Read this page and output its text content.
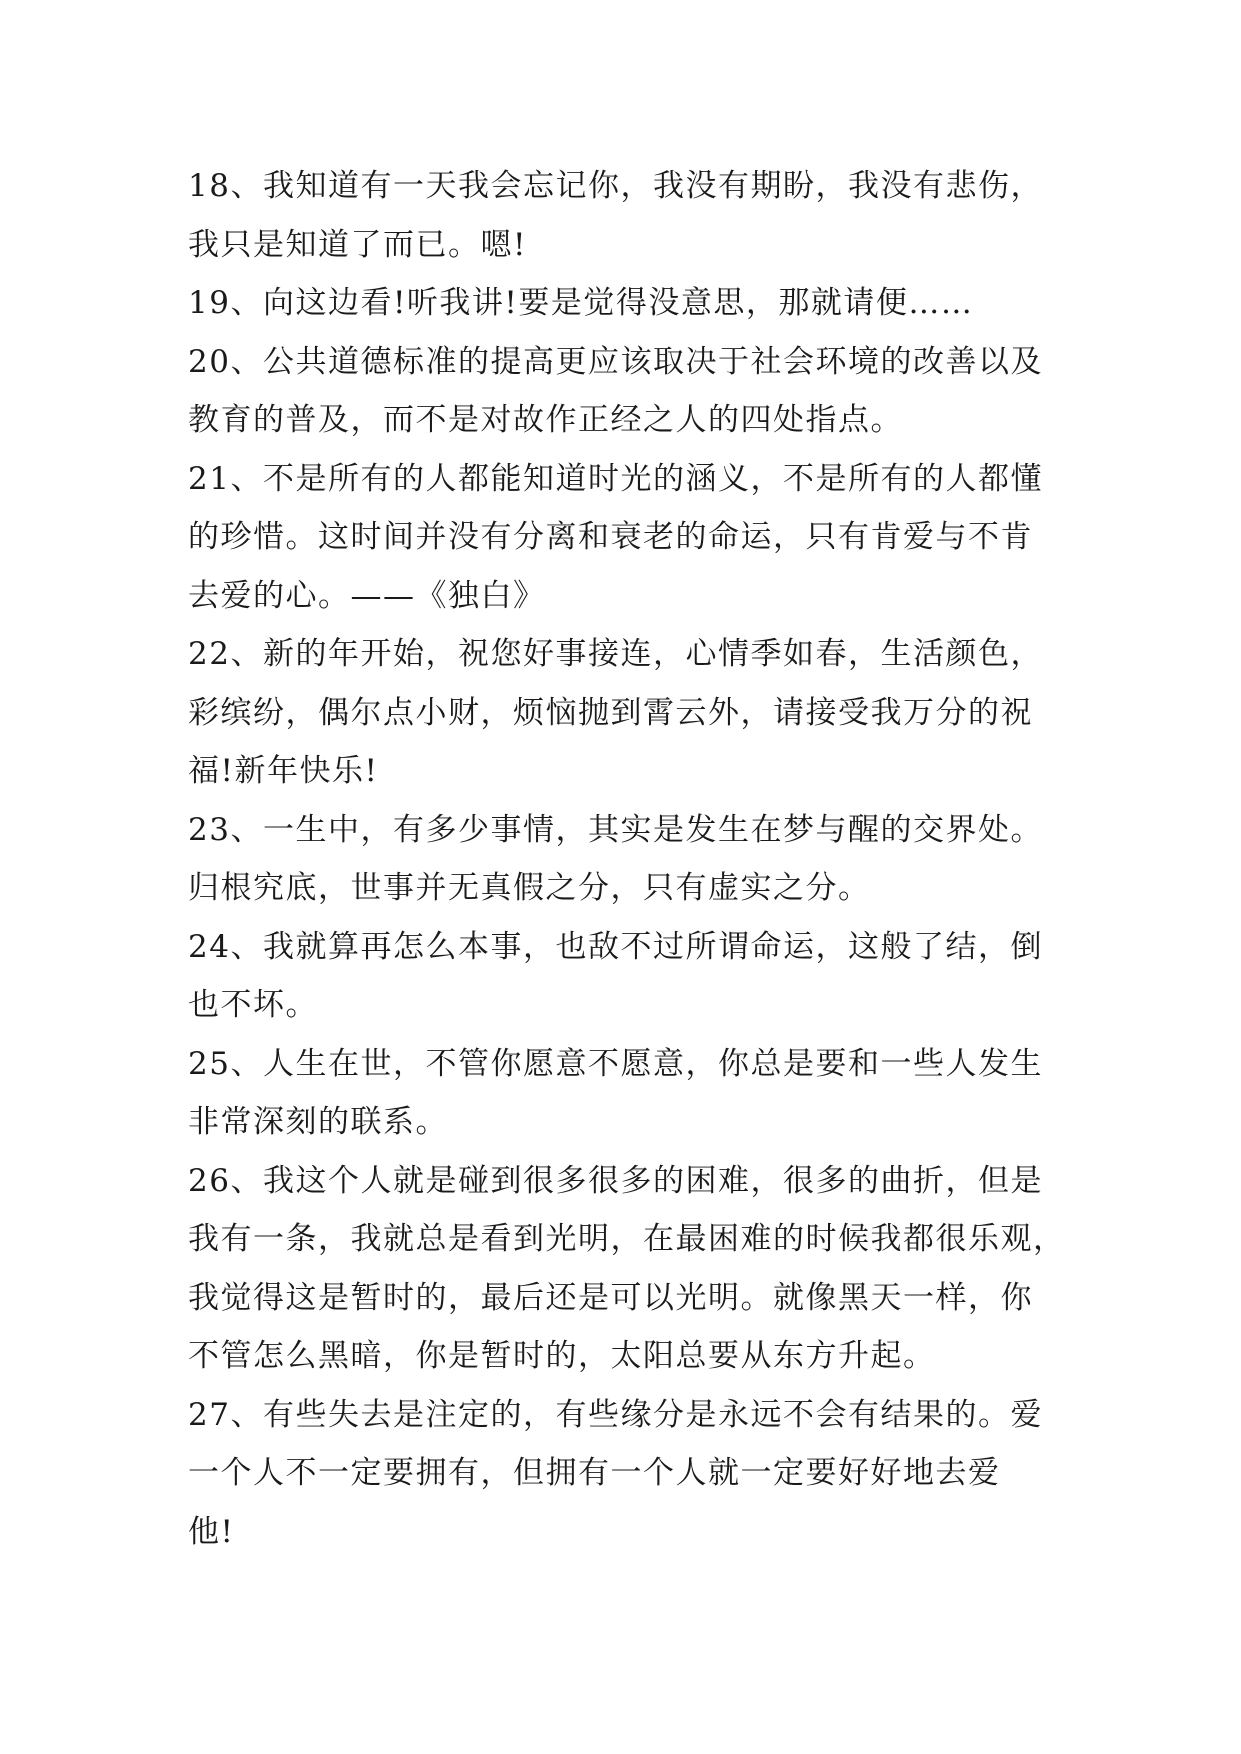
18、我知道有一天我会忘记你，我没有期盼，我没有悲伤，
我只是知道了而已。嗯!
19、向这边看!听我讲!要是觉得没意思，那就请便……
20、公共道德标准的提高更应该取决于社会环境的改善以及
教育的普及，而不是对故作正经之人的四处指点。
21、不是所有的人都能知道时光的涵义，不是所有的人都懂
的珍惜。这时间并没有分离和衰老的命运，只有肯爱与不肯
去爱的心。——《独白》
22、新的年开始，祝您好事接连，心情季如春，生活颜色，
彩缤纷，偶尔点小财，烦恼抛到霄云外，请接受我万分的祝
福!新年快乐!
23、一生中，有多少事情，其实是发生在梦与醒的交界处。
归根究底，世事并无真假之分，只有虚实之分。
24、我就算再怎么本事，也敌不过所谓命运，这般了结，倒
也不坏。
25、人生在世，不管你愿意不愿意，你总是要和一些人发生
非常深刻的联系。
26、我这个人就是碰到很多很多的困难，很多的曲折，但是
我有一条，我就总是看到光明，在最困难的时候我都很乐观，
我觉得这是暂时的，最后还是可以光明。就像黑天一样，你
不管怎么黑暗，你是暂时的，太阳总要从东方升起。
27、有些失去是注定的，有些缘分是永远不会有结果的。爱
一个人不一定要拥有，但拥有一个人就一定要好好地去爱
他!
